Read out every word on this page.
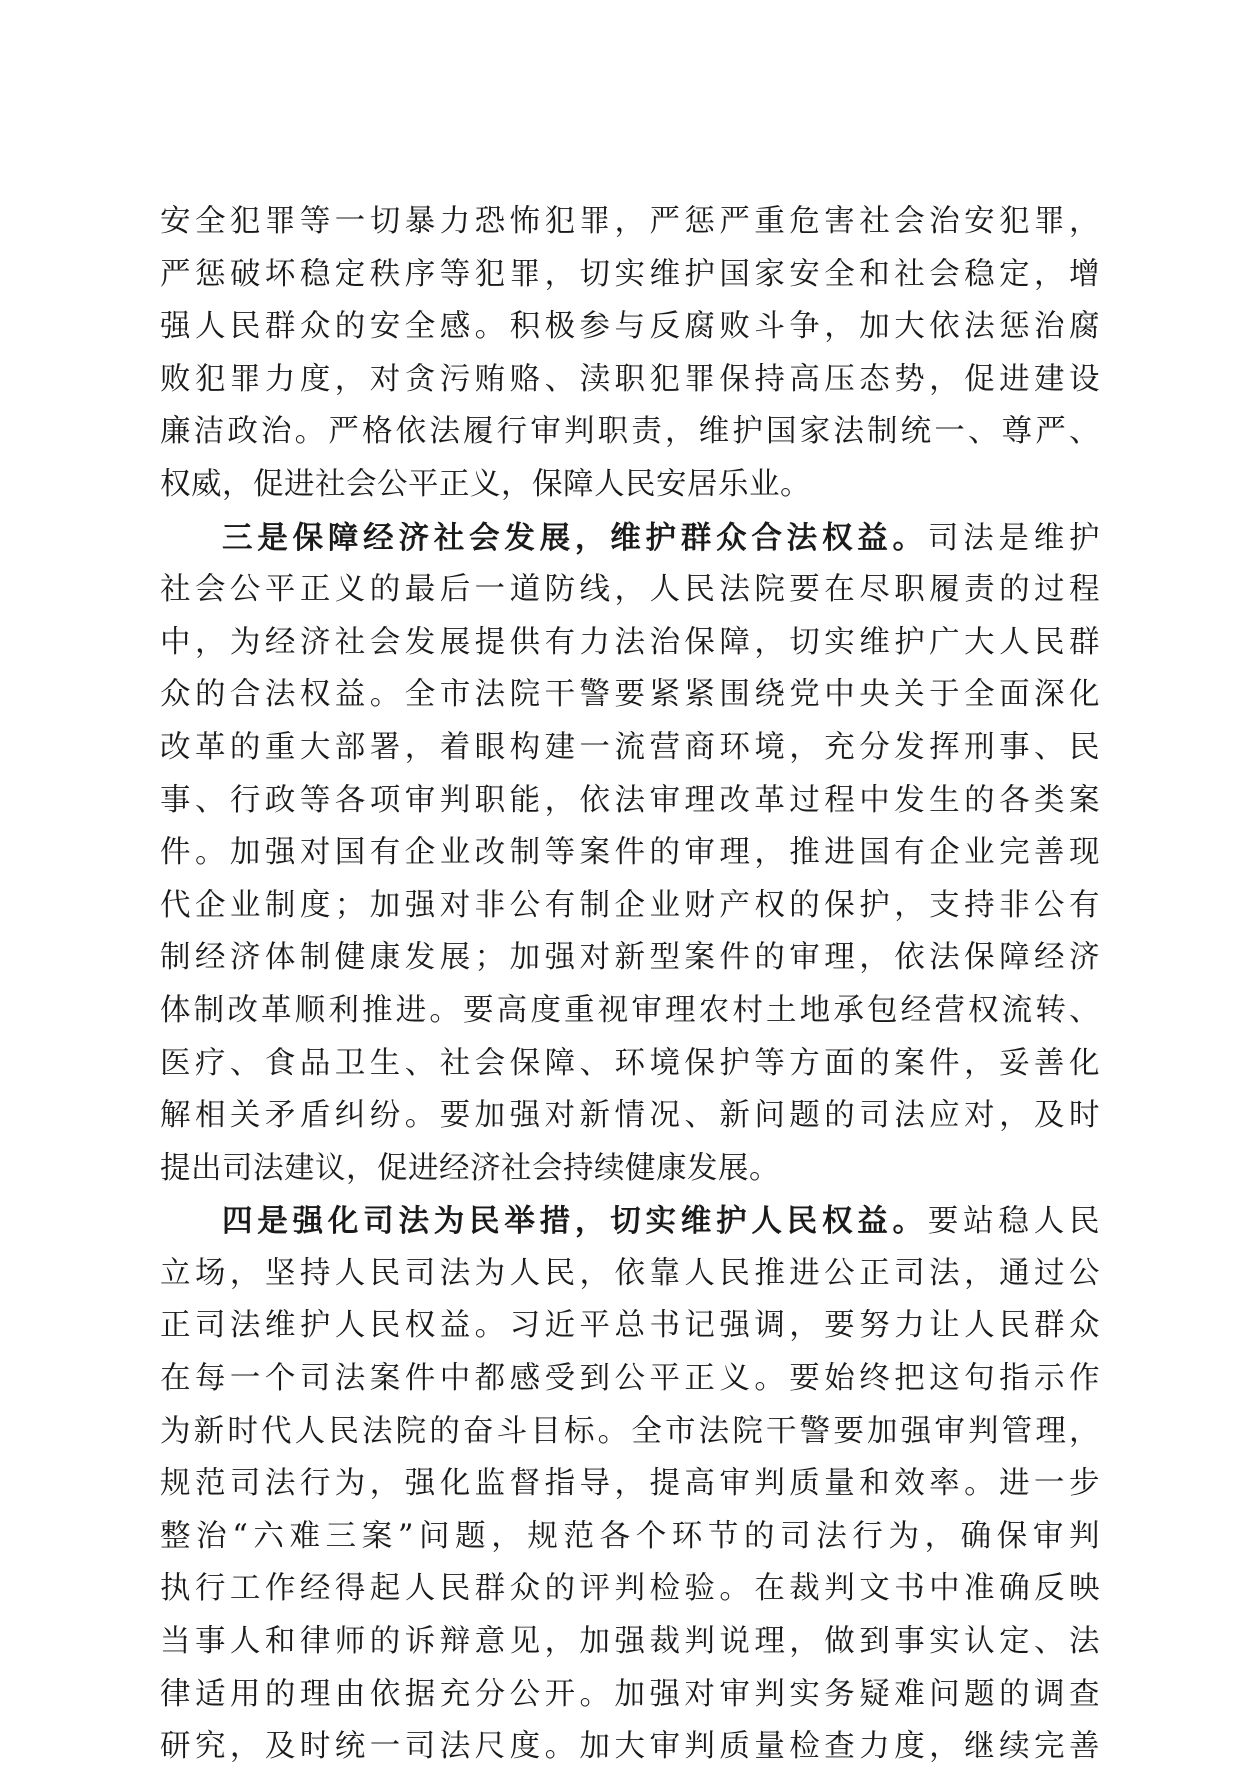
安全犯罪等一切暴力恐怖犯罪，严惩严重危害社会治安犯罪，
严惩破坏稳定秩序等犯罪，切实维护国家安全和社会稳定，增
强人民群众的安全感。积极参与反腐败斗争，加大依法惩治腐
败犯罪力度，对贪污贿赂、渎职犯罪保持高压态势，促进建设
廉洁政治。严格依法履行审判职责，维护国家法制统一、尊严、
权威，促进社会公平正义，保障人民安居乐业。
三是保障经济社会发展，维护群众合法权益。司法是维护
社会公平正义的最后一道防线，人民法院要在尽职履责的过程
中，为经济社会发展提供有力法治保障，切实维护广大人民群
众的合法权益。全市法院干警要紧紧围绕党中央关于全面深化
改革的重大部署，着眼构建一流营商环境，充分发挥刑事、民
事、行政等各项审判职能，依法审理改革过程中发生的各类案
件。加强对国有企业改制等案件的审理，推进国有企业完善现
代企业制度；加强对非公有制企业财产权的保护，支持非公有
制经济体制健康发展；加强对新型案件的审理，依法保障经济
体制改革顺利推进。要高度重视审理农村土地承包经营权流转、
医疗、食品卫生、社会保障、环境保护等方面的案件，妥善化
解相关矛盾纠纷。要加强对新情况、新问题的司法应对，及时
提出司法建议，促进经济社会持续健康发展。
四是强化司法为民举措，切实维护人民权益。要站稳人民
立场，坚持人民司法为人民，依靠人民推进公正司法，通过公
正司法维护人民权益。习近平总书记强调，要努力让人民群众
在每一个司法案件中都感受到公平正义。要始终把这句指示作
为新时代人民法院的奋斗目标。全市法院干警要加强审判管理，
规范司法行为，强化监督指导，提高审判质量和效率。进一步
整治“六难三案”问题，规范各个环节的司法行为，确保审判
执行工作经得起人民群众的评判检验。在裁判文书中准确反映
当事人和律师的诉辩意见，加强裁判说理，做到事实认定、法
律适用的理由依据充分公开。加强对审判实务疑难问题的调查
研究，及时统一司法尺度。加大审判质量检查力度，继续完善
